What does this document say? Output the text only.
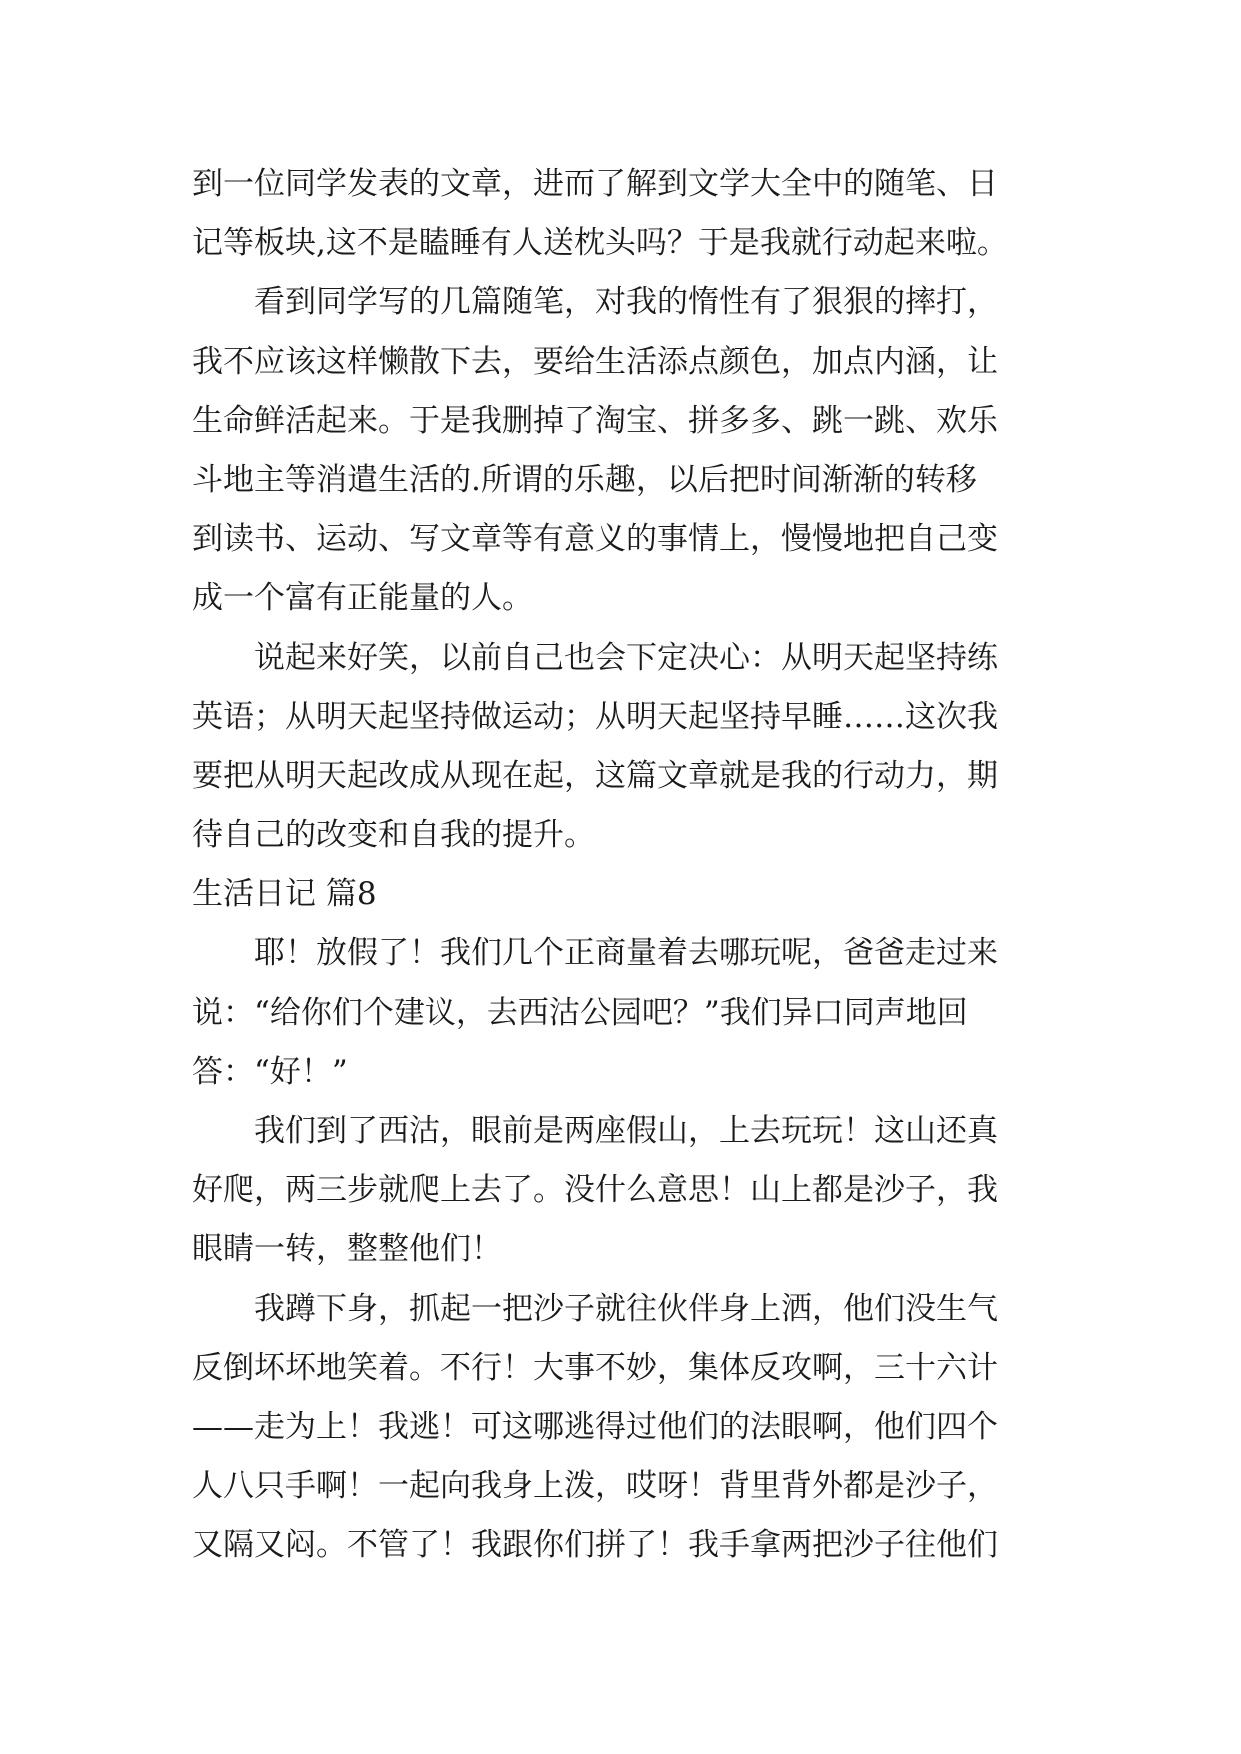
到一位同学发表的文章，进而了解到文学大全中的随笔、日
记等板块,这不是瞌睡有人送枕头吗？于是我就行动起来啦。
看到同学写的几篇随笔，对我的惰性有了狠狠的摔打，
我不应该这样懒散下去，要给生活添点颜色，加点内涵，让
生命鲜活起来。于是我删掉了淘宝、拼多多、跳一跳、欢乐
斗地主等消遣生活的.所谓的乐趣，以后把时间渐渐的转移
到读书、运动、写文章等有意义的事情上，慢慢地把自己变
成一个富有正能量的人。
说起来好笑，以前自己也会下定决心：从明天起坚持练
英语；从明天起坚持做运动；从明天起坚持早睡……这次我
要把从明天起改成从现在起，这篇文章就是我的行动力，期
待自己的改变和自我的提升。
生活日记 篇8
耶！放假了！我们几个正商量着去哪玩呢，爸爸走过来
说：“给你们个建议，去西沽公园吧？”我们异口同声地回
答：“好！”
我们到了西沽，眼前是两座假山，上去玩玩！这山还真
好爬，两三步就爬上去了。没什么意思！山上都是沙子，我
眼睛一转，整整他们！
我蹲下身，抓起一把沙子就往伙伴身上洒，他们没生气
反倒坏坏地笑着。不行！大事不妙，集体反攻啊，三十六计
——走为上！我逃！可这哪逃得过他们的法眼啊，他们四个
人八只手啊！一起向我身上泼，哎呀！背里背外都是沙子，
又隔又闷。不管了！我跟你们拼了！我手拿两把沙子往他们
